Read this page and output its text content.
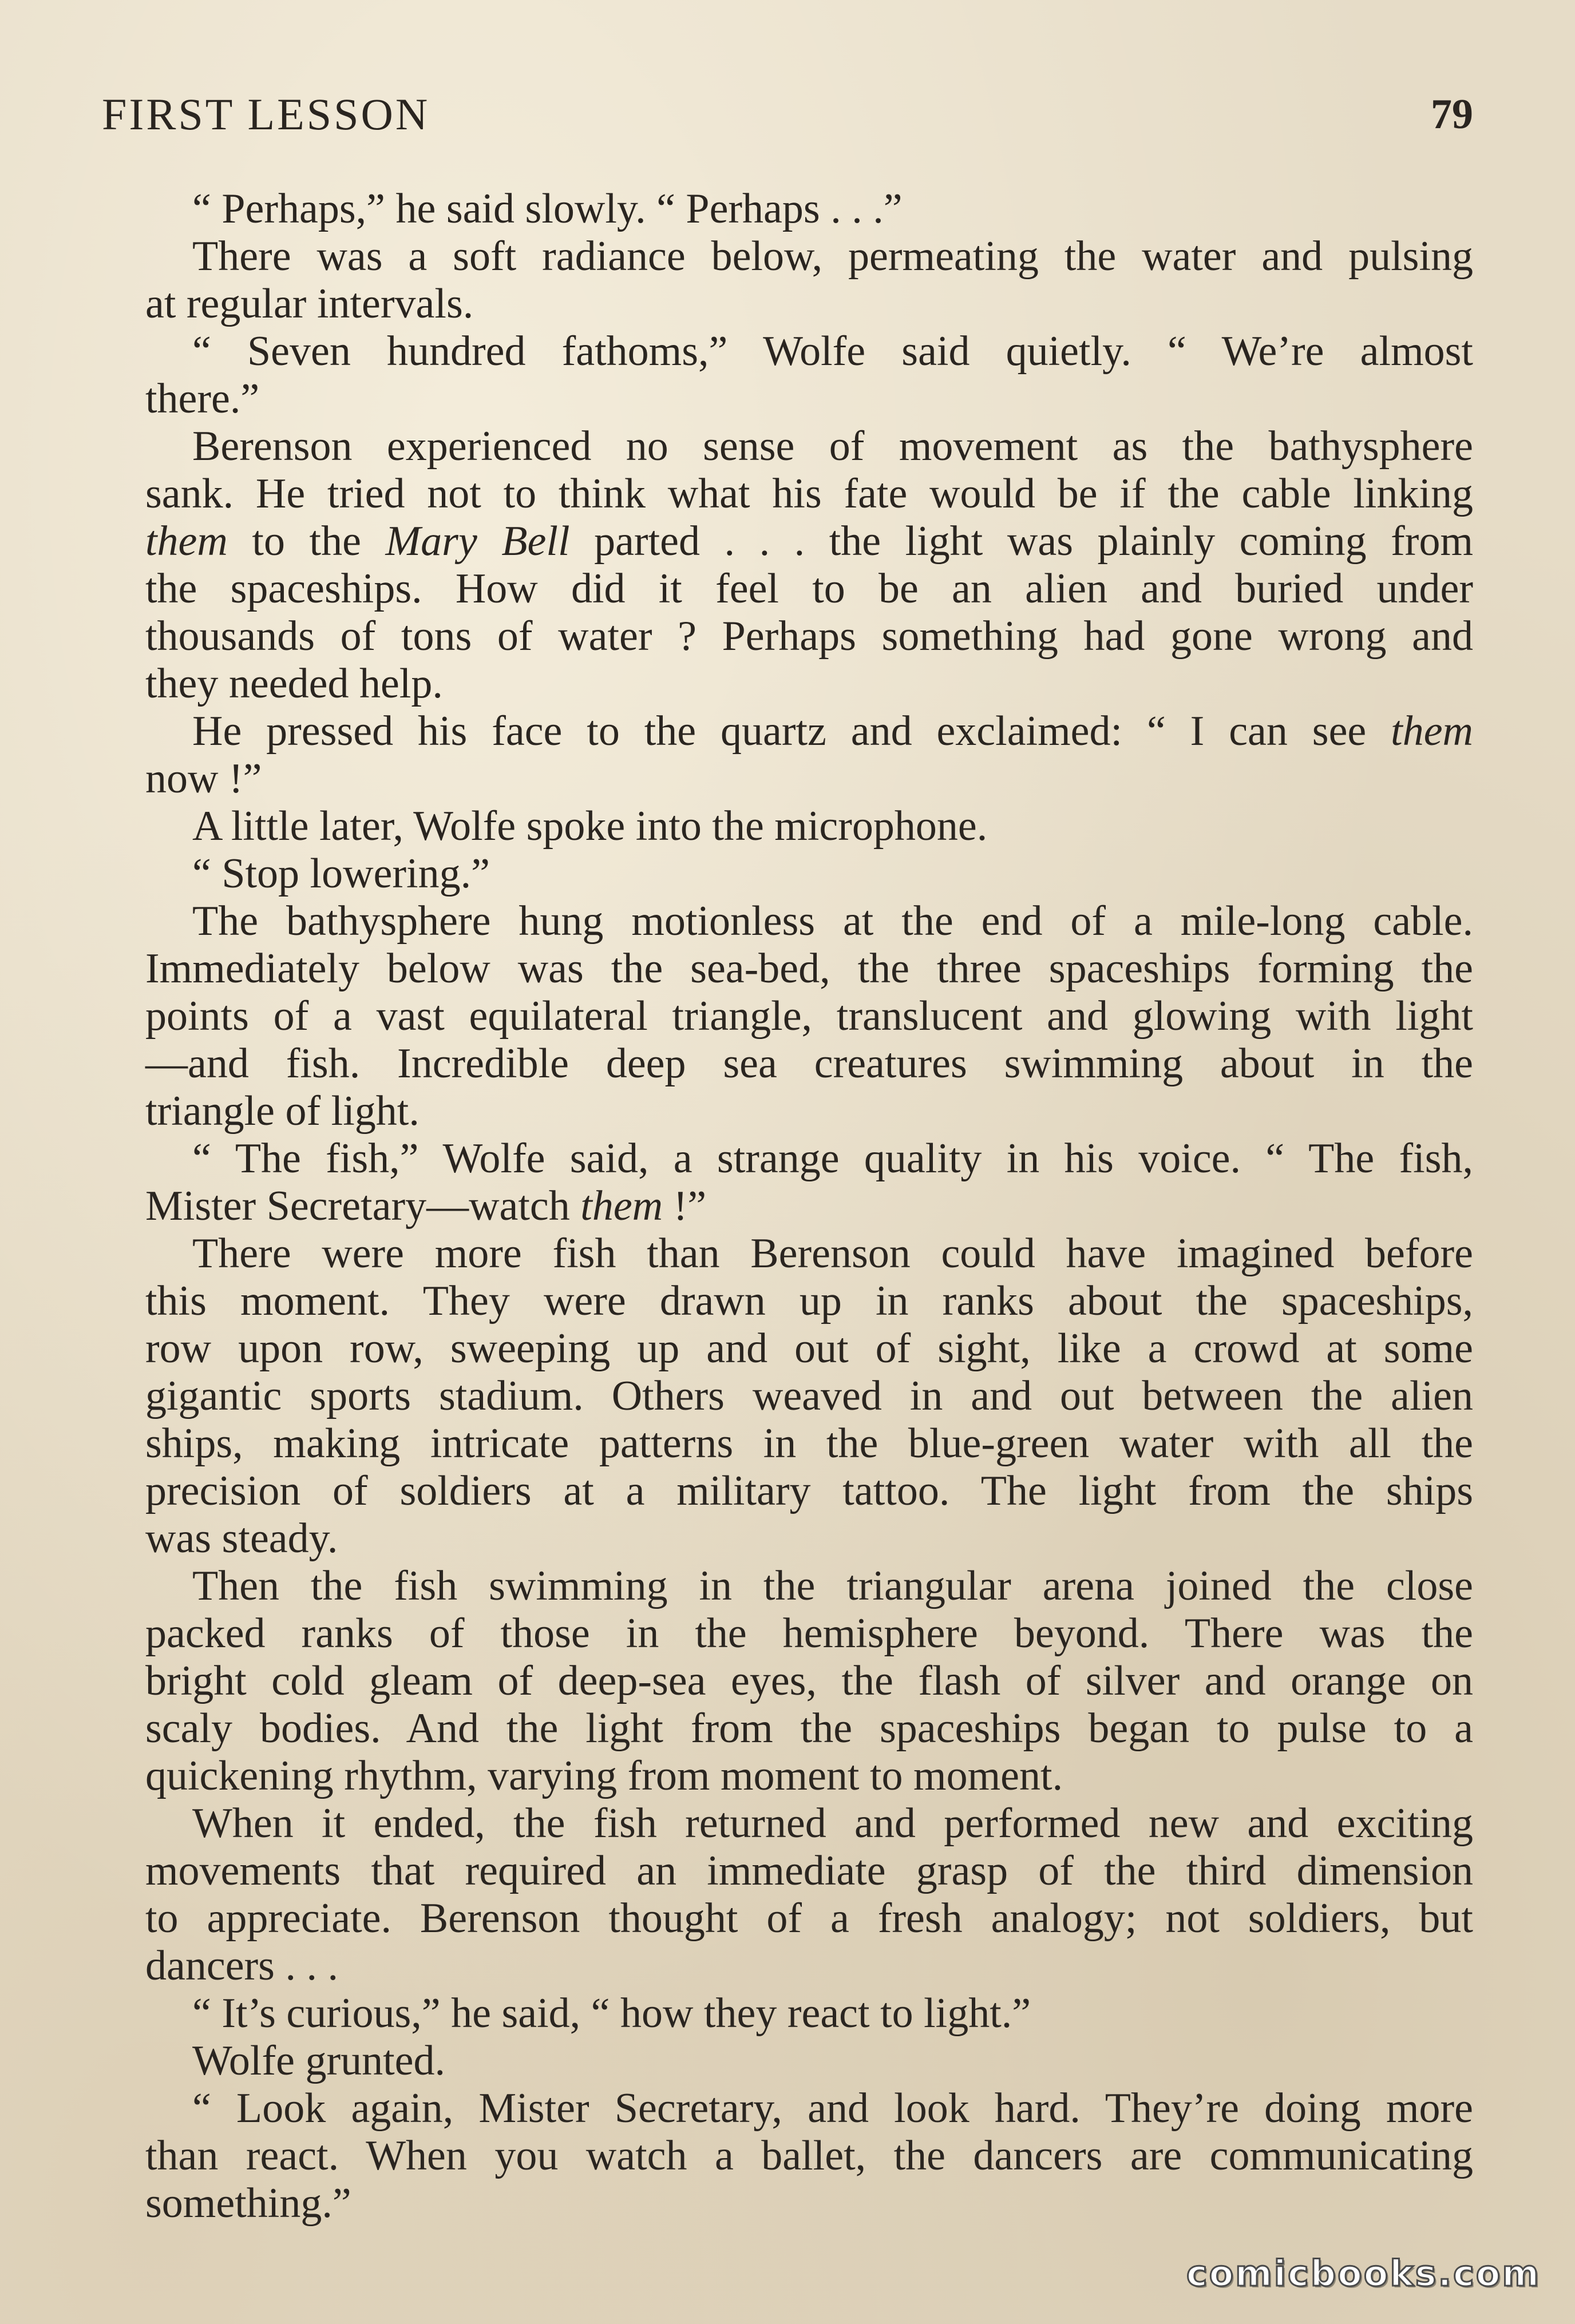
FIRST LESSON	79
“ Perhaps,” he said slowly. “ Perhaps . . .”
There was a soft radiance below, permeating the water and pulsing
at regular intervals.
“ Seven hundred fathoms,” Wolfe said quietly. “ We’re almost
there.”
Berenson experienced no sense of movement as the bathysphere
sank. He tried not to think what his fate would be if the cable linking
them to the Mary Bell parted . . . the light was plainly coming from
the spaceships. How did it feel to be an alien and buried under
thousands of tons of water ? Perhaps something had gone wrong and
they needed help.
He pressed his face to the quartz and exclaimed: “ I can see them
now !”
A little later, Wolfe spoke into the microphone.
“ Stop lowering.”
The bathysphere hung motionless at the end of a mile-long cable.
Immediately below was the sea-bed, the three spaceships forming the
points of a vast equilateral triangle, translucent and glowing with light
—and fish. Incredible deep sea creatures swimming about in the
triangle of light.
“ The fish,” Wolfe said, a strange quality in his voice. “ The fish,
Mister Secretary—watch them !”
There were more fish than Berenson could have imagined before
this moment. They were drawn up in ranks about the spaceships,
row upon row, sweeping up and out of sight, like a crowd at some
gigantic sports stadium. Others weaved in and out between the alien
ships, making intricate patterns in the blue-green water with all the
precision of soldiers at a military tattoo. The light from the ships
was steady.
Then the fish swimming in the triangular arena joined the close
packed ranks of those in the hemisphere beyond. There was the
bright cold gleam of deep-sea eyes, the flash of silver and orange on
scaly bodies. And the light from the spaceships began to pulse to a
quickening rhythm, varying from moment to moment.
When it ended, the fish returned and performed new and exciting
movements that required an immediate grasp of the third dimension
to appreciate. Berenson thought of a fresh analogy; not soldiers, but
dancers . . .
“ It’s curious,” he said, “ how they react to light.”
Wolfe grunted.
“ Look again, Mister Secretary, and look hard. They’re doing more
than react. When you watch a ballet, the dancers are communicating
something.”
comicbooks.com
